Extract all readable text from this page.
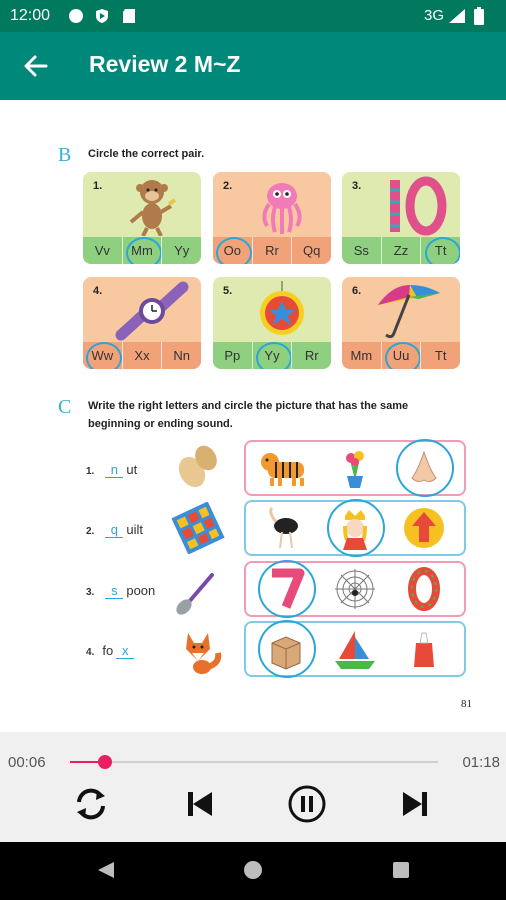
12:00	3G
Review 2 M~Z
B Circle the correct pair.
1.
Vv	Mm	Yy
2.
Oo	Rr	Qq
3.
Ss	Zz	Tt
4.
Ww	Xx	Nn
5.
Pp	Yy	Rr
6.
Mm	Uu	Tt
C Write the right letters and circle the picture that has the same
beginning or ending sound.
1. n ut
2. q uilt
3. s poon
4. fo x
81
00:06	01:18
